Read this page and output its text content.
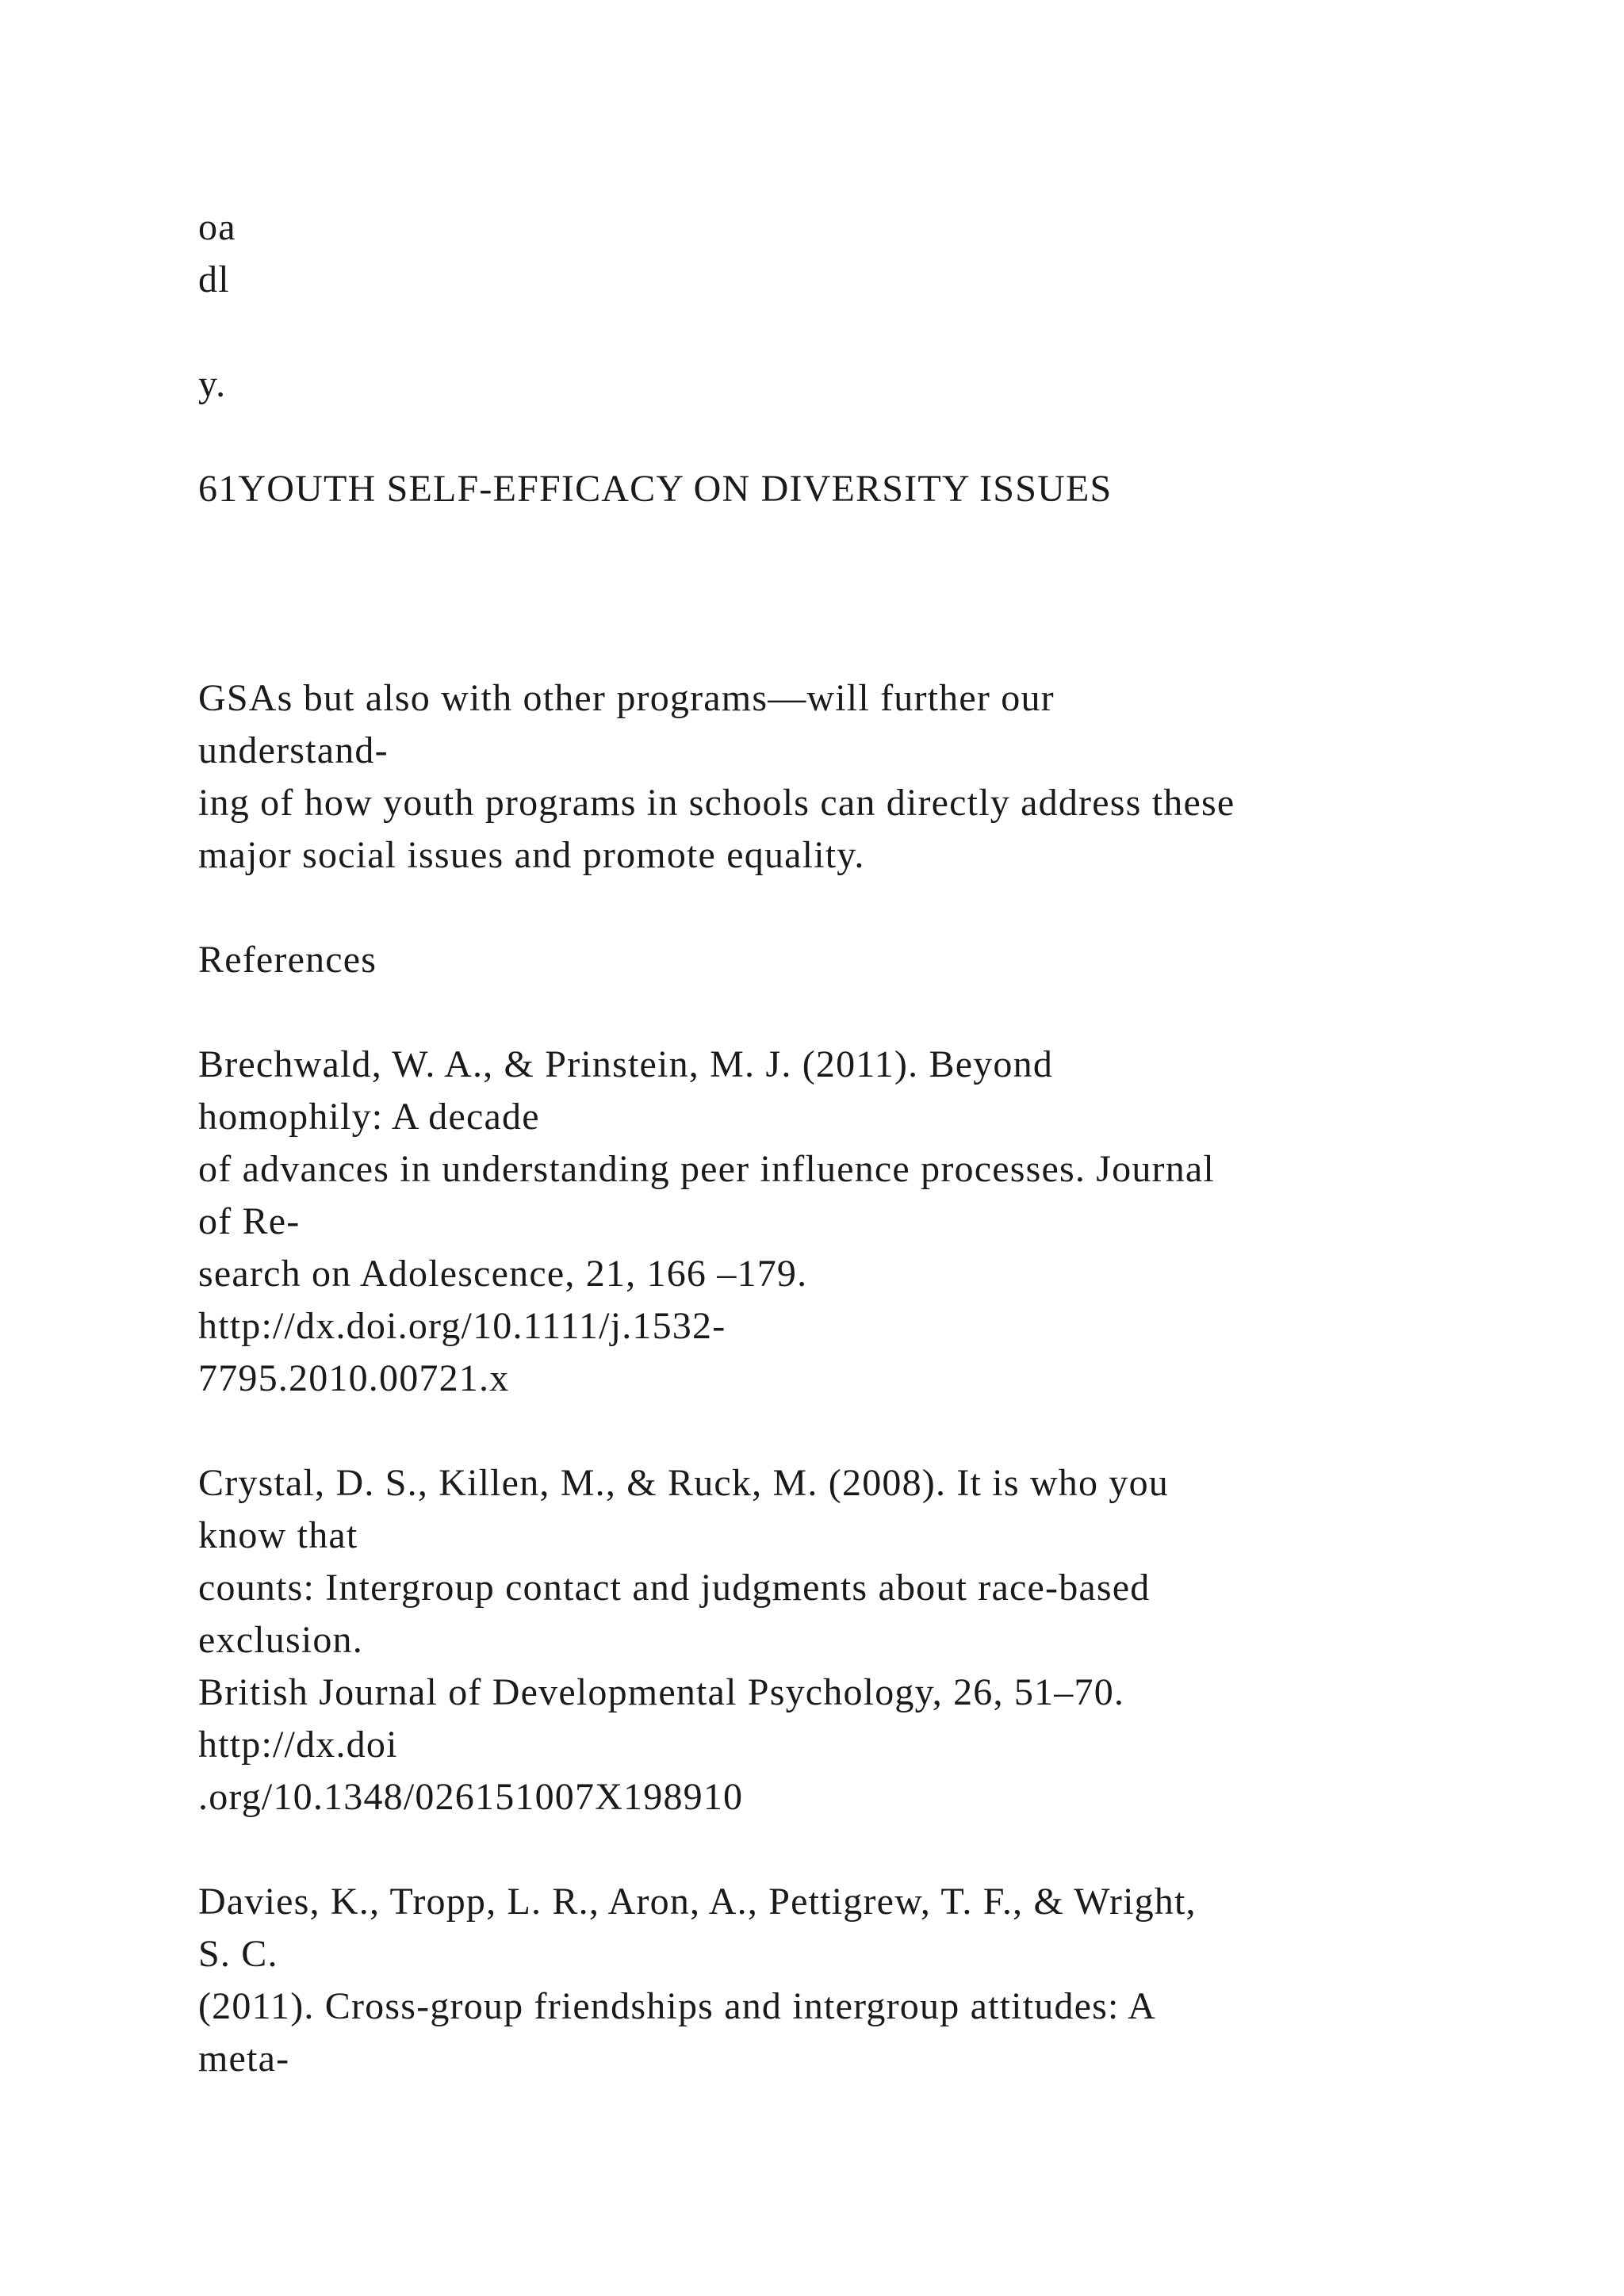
oa
dl
y.
61YOUTH SELF-EFFICACY ON DIVERSITY ISSUES
GSAs but also with other programs—will further our
understand-
ing of how youth programs in schools can directly address these
major social issues and promote equality.
References
Brechwald, W. A., & Prinstein, M. J. (2011). Beyond
homophily: A decade
of advances in understanding peer influence processes. Journal
of Re-
search on Adolescence, 21, 166 –179.
http://dx.doi.org/10.1111/j.1532-
7795.2010.00721.x
Crystal, D. S., Killen, M., & Ruck, M. (2008). It is who you
know that
counts: Intergroup contact and judgments about race-based
exclusion.
British Journal of Developmental Psychology, 26, 51–70.
http://dx.doi
.org/10.1348/026151007X198910
Davies, K., Tropp, L. R., Aron, A., Pettigrew, T. F., & Wright,
S. C.
(2011). Cross-group friendships and intergroup attitudes: A
meta-
